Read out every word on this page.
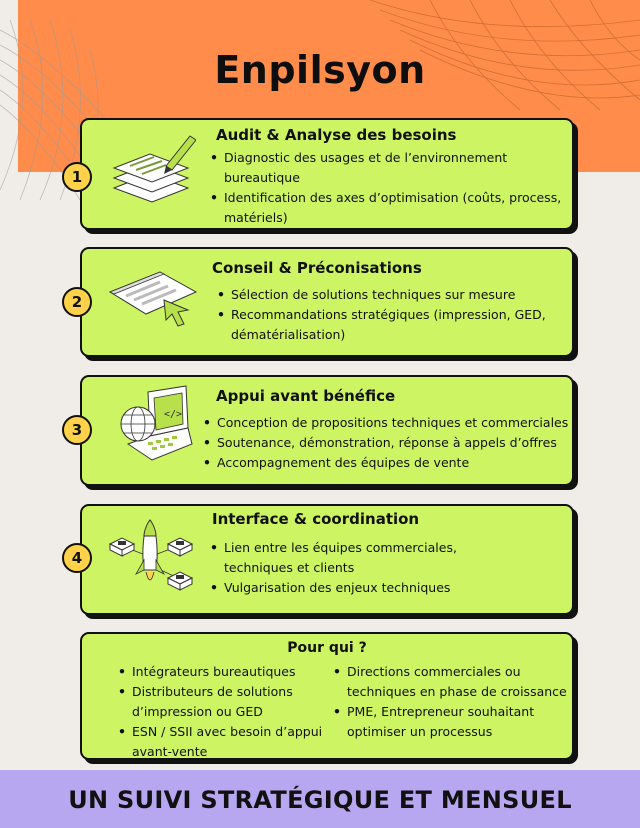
Enpilsyon
Audit & Analyse des besoins
• Diagnostic des usages et de l’environnement bureautique
• Identification des axes d’optimisation (coûts, process, matériels)
1
Conseil & Préconisations
• Sélection de solutions techniques sur mesure
• Recommandations stratégiques (impression, GED, dématérialisation)
2
Appui avant bénéfice
• Conception de propositions techniques et commerciales
• Soutenance, démonstration, réponse à appels d’offres
• Accompagnement des équipes de vente
3
</>
Interface & coordination
• Lien entre les équipes commerciales, techniques et clients
• Vulgarisation des enjeux techniques
4
Pour qui ?
• Intégrateurs bureautiques
• Distributeurs de solutions d’impression ou GED
• ESN / SSII avec besoin d’appui avant-vente
• Directions commerciales ou techniques en phase de croissance
• PME, Entrepreneur souhaitant optimiser un processus
UN SUIVI STRATÉGIQUE ET MENSUEL
